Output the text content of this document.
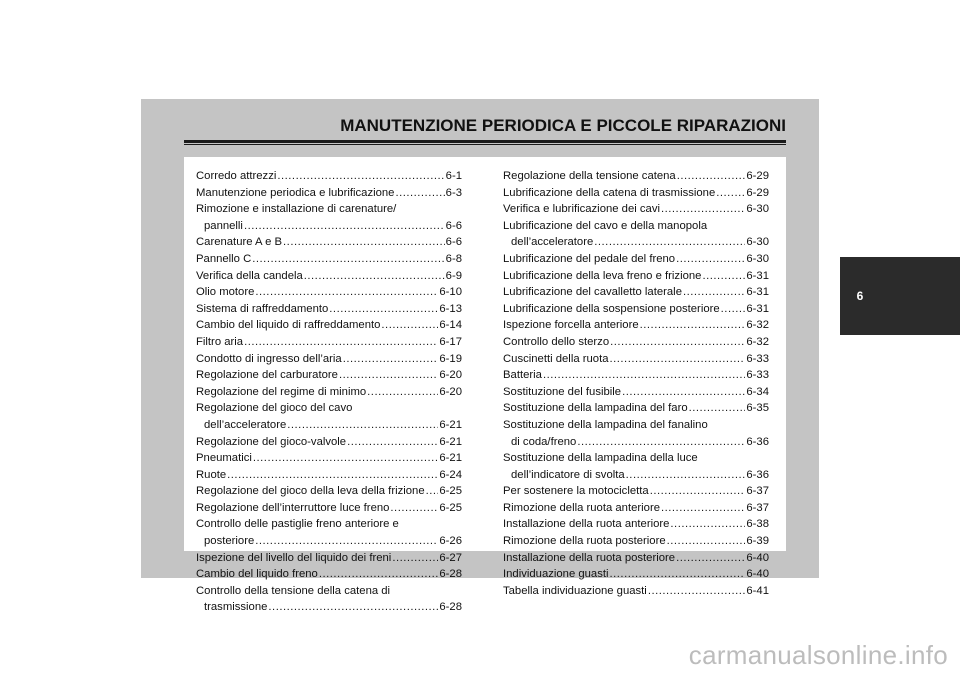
MANUTENZIONE PERIODICA E PICCOLE RIPARAZIONI
Corredo attrezzi .....	6-1
Manutenzione periodica e lubrificazione .....	6-3
Rimozione e installazione di carenature/
pannelli .....	6-6
Carenature A e B .....	6-6
Pannello C .....	6-8
Verifica della candela .....	6-9
Olio motore .....	6-10
Sistema di raffreddamento .....	6-13
Cambio del liquido di raffreddamento .....	6-14
Filtro aria .....	6-17
Condotto di ingresso dell’aria .....	6-19
Regolazione del carburatore .....	6-20
Regolazione del regime di minimo .....	6-20
Regolazione del gioco del cavo
dell’acceleratore .....	6-21
Regolazione del gioco-valvole .....	6-21
Pneumatici .....	6-21
Ruote .....	6-24
Regolazione del gioco della leva della frizione ..... 6-25
Regolazione dell’interruttore luce freno .....	6-25
Controllo delle pastiglie freno anteriore e
posteriore .....	6-26
Ispezione del livello del liquido dei freni .....	6-27
Cambio del liquido freno .....	6-28
Controllo della tensione della catena di
trasmissione .....	6-28
Regolazione della tensione catena .....	6-29
Lubrificazione della catena di trasmissione .....	6-29
Verifica e lubrificazione dei cavi .....	6-30
Lubrificazione del cavo e della manopola
dell’acceleratore .....	6-30
Lubrificazione del pedale del freno .....	6-30
Lubrificazione della leva freno e frizione .....	6-31
Lubrificazione del cavalletto laterale .....	6-31
Lubrificazione della sospensione posteriore ..... 6-31
Ispezione forcella anteriore .....	6-32
Controllo dello sterzo .....	6-32
Cuscinetti della ruota .....	6-33
Batteria .....	6-33
Sostituzione del fusibile .....	6-34
Sostituzione della lampadina del faro .....	6-35
Sostituzione della lampadina del fanalino
di coda/freno .....	6-36
Sostituzione della lampadina della luce
dell’indicatore di svolta .....	6-36
Per sostenere la motocicletta .....	6-37
Rimozione della ruota anteriore .....	6-37
Installazione della ruota anteriore .....	6-38
Rimozione della ruota posteriore .....	6-39
Installazione della ruota posteriore .....	6-40
Individuazione guasti .....	6-40
Tabella individuazione guasti .....	6-41
6
carmanualsonline.info
